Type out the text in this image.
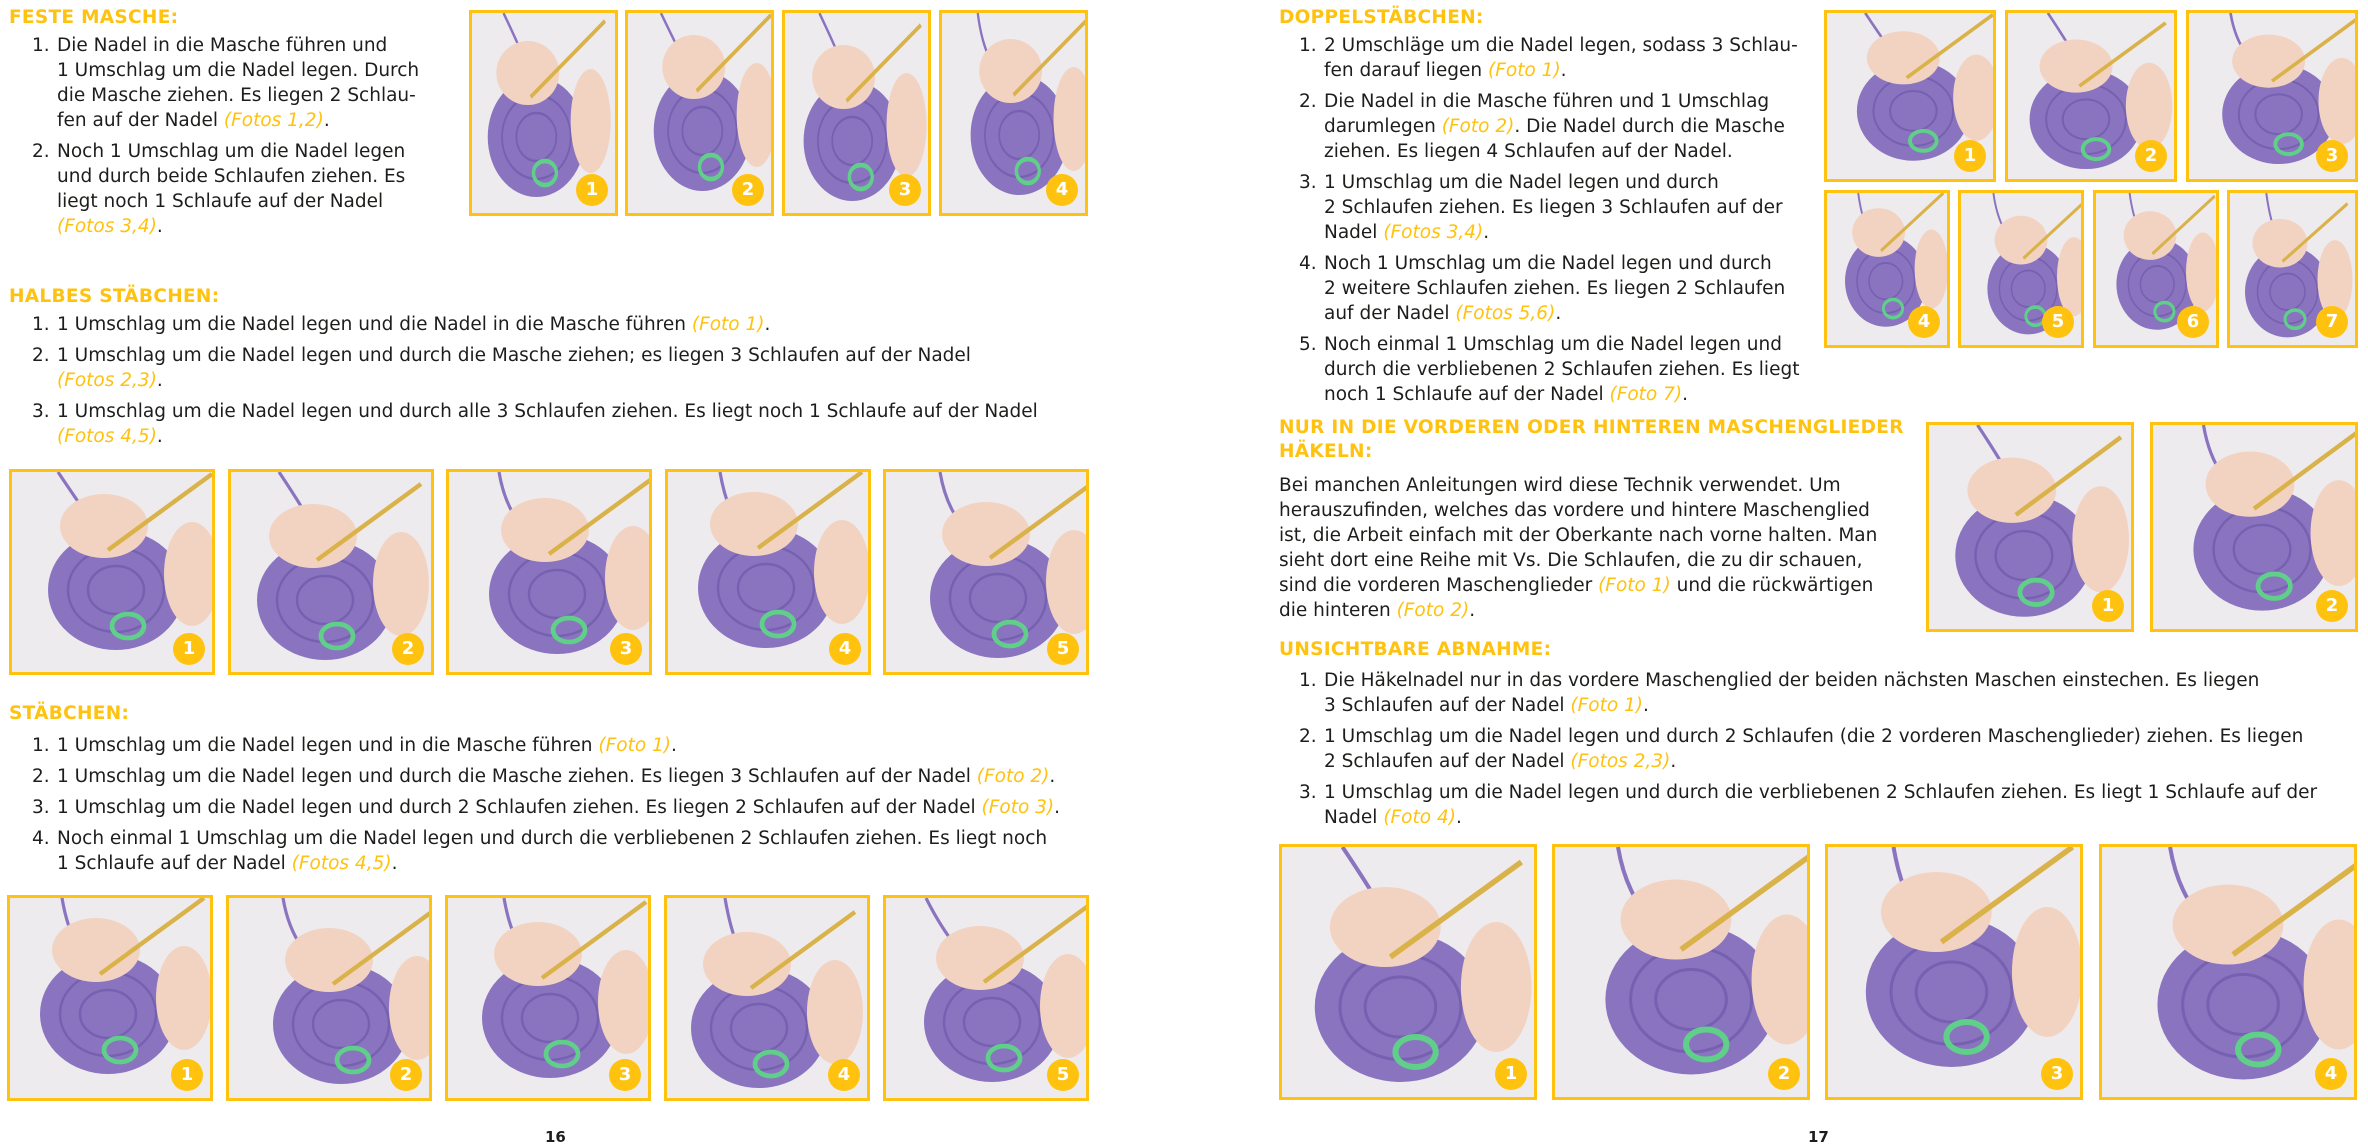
FESTE MASCHE:
1. Die Nadel in die Masche führen und
1 Umschlag um die Nadel legen. Durch
die Masche ziehen. Es liegen 2 Schlau-
fen auf der Nadel (Fotos 1,2).
2. Noch 1 Umschlag um die Nadel legen
und durch beide Schlaufen ziehen. Es
liegt noch 1 Schlaufe auf der Nadel
(Fotos 3,4).
1	2	3	4
HALBES STÄBCHEN:
1. 1 Umschlag um die Nadel legen und die Nadel in die Masche führen (Foto 1).
2. 1 Umschlag um die Nadel legen und durch die Masche ziehen; es liegen 3 Schlaufen auf der Nadel
(Fotos 2,3).
3. 1 Umschlag um die Nadel legen und durch alle 3 Schlaufen ziehen. Es liegt noch 1 Schlaufe auf der Nadel
(Fotos 4,5).
1	2	3	4	5
STÄBCHEN:
1. 1 Umschlag um die Nadel legen und in die Masche führen (Foto 1).
2. 1 Umschlag um die Nadel legen und durch die Masche ziehen. Es liegen 3 Schlaufen auf der Nadel (Foto 2).
3. 1 Umschlag um die Nadel legen und durch 2 Schlaufen ziehen. Es liegen 2 Schlaufen auf der Nadel (Foto 3).
4. Noch einmal 1 Umschlag um die Nadel legen und durch die verbliebenen 2 Schlaufen ziehen. Es liegt noch
1 Schlaufe auf der Nadel (Fotos 4,5).
1	2	3	4	5
16
DOPPELSTÄBCHEN:
1. 2 Umschläge um die Nadel legen, sodass 3 Schlau-
fen darauf liegen (Foto 1).
2. Die Nadel in die Masche führen und 1 Umschlag
darumlegen (Foto 2). Die Nadel durch die Masche
ziehen. Es liegen 4 Schlaufen auf der Nadel.
3. 1 Umschlag um die Nadel legen und durch
2 Schlaufen ziehen. Es liegen 3 Schlaufen auf der
Nadel (Fotos 3,4).
4. Noch 1 Umschlag um die Nadel legen und durch
2 weitere Schlaufen ziehen. Es liegen 2 Schlaufen
auf der Nadel (Fotos 5,6).
5. Noch einmal 1 Umschlag um die Nadel legen und
durch die verbliebenen 2 Schlaufen ziehen. Es liegt
noch 1 Schlaufe auf der Nadel (Foto 7).
1	2	3
4	5	6	7
NUR IN DIE VORDEREN ODER HINTEREN MASCHENGLIEDER
HÄKELN:
Bei manchen Anleitungen wird diese Technik verwendet. Um
herauszufinden, welches das vordere und hintere Maschenglied
ist, die Arbeit einfach mit der Oberkante nach vorne halten. Man
sieht dort eine Reihe mit Vs. Die Schlaufen, die zu dir schauen,
sind die vorderen Maschenglieder (Foto 1) und die rückwärtigen
die hinteren (Foto 2).	1	2
UNSICHTBARE ABNAHME:
1. Die Häkelnadel nur in das vordere Maschenglied der beiden nächsten Maschen einstechen. Es liegen
3 Schlaufen auf der Nadel (Foto 1).
2. 1 Umschlag um die Nadel legen und durch 2 Schlaufen (die 2 vorderen Maschenglieder) ziehen. Es liegen
2 Schlaufen auf der Nadel (Fotos 2,3).
3. 1 Umschlag um die Nadel legen und durch die verbliebenen 2 Schlaufen ziehen. Es liegt 1 Schlaufe auf der
Nadel (Foto 4).
1	2	3	4
17
